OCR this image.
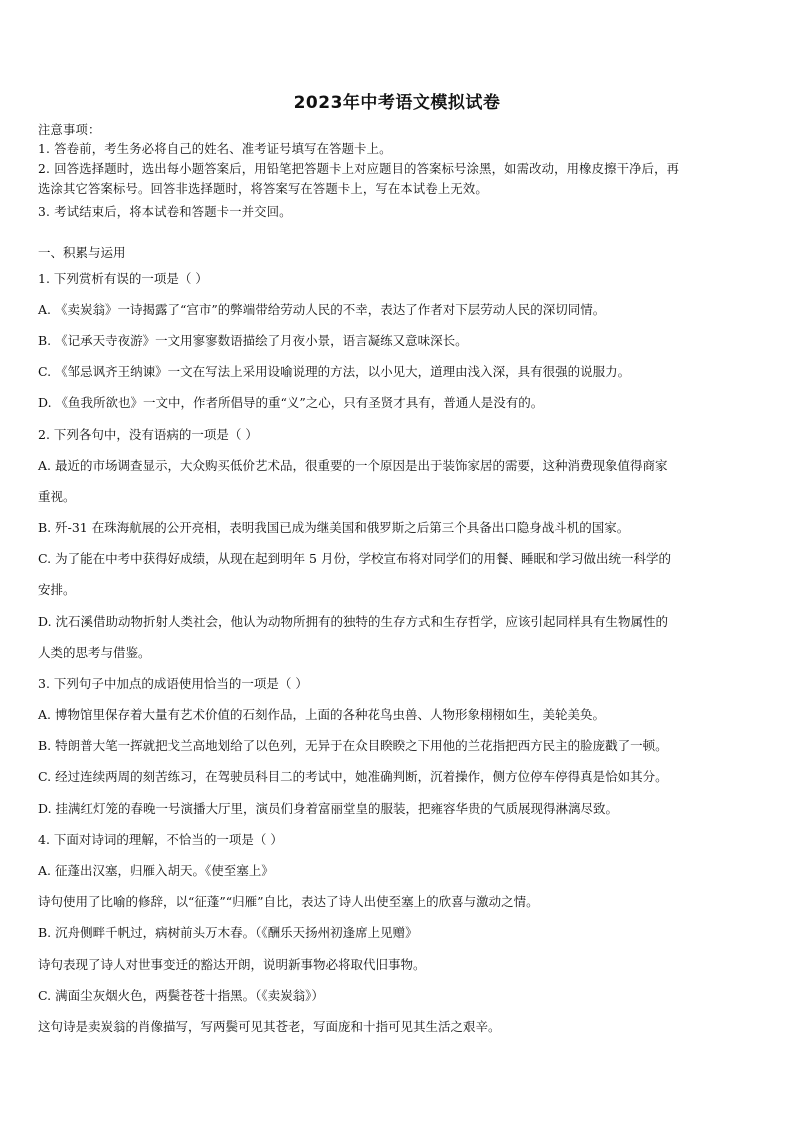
2023年中考语文模拟试卷
注意事项：
1. 答卷前，考生务必将自己的姓名、准考证号填写在答题卡上。
2. 回答选择题时，选出每小题答案后，用铅笔把答题卡上对应题目的答案标号涂黑，如需改动，用橡皮擦干净后，再
选涂其它答案标号。回答非选择题时，将答案写在答题卡上，写在本试卷上无效。
3. 考试结束后，将本试卷和答题卡一并交回。
一、积累与运用
1. 下列赏析有误的一项是（ ）
A. 《卖炭翁》一诗揭露了“宫市”的弊端带给劳动人民的不幸，表达了作者对下层劳动人民的深切同情。
B. 《记承天寺夜游》一文用寥寥数语描绘了月夜小景，语言凝练又意味深长。
C. 《邹忌讽齐王纳谏》一文在写法上采用设喻说理的方法，以小见大，道理由浅入深，具有很强的说服力。
D. 《鱼我所欲也》一文中，作者所倡导的重“义”之心，只有圣贤才具有，普通人是没有的。
2. 下列各句中，没有语病的一项是（ ）
A. 最近的市场调查显示，大众购买低价艺术品，很重要的一个原因是出于装饰家居的需要，这种消费现象值得商家
重视。
B. 歼-31 在珠海航展的公开亮相，表明我国已成为继美国和俄罗斯之后第三个具备出口隐身战斗机的国家。
C. 为了能在中考中获得好成绩，从现在起到明年 5 月份，学校宣布将对同学们的用餐、睡眠和学习做出统一科学的
安排。
D. 沈石溪借助动物折射人类社会，他认为动物所拥有的独特的生存方式和生存哲学，应该引起同样具有生物属性的
人类的思考与借鉴。
3. 下列句子中加点的成语使用恰当的一项是（ ）
A. 博物馆里保存着大量有艺术价值的石刻作品，上面的各种花鸟虫兽、人物形象栩栩如生，美轮美奂。
B. 特朗普大笔一挥就把戈兰高地划给了以色列，无异于在众目睽睽之下用他的兰花指把西方民主的脸庞戳了一顿。
C. 经过连续两周的刻苦练习，在驾驶员科目二的考试中，她准确判断，沉着操作，侧方位停车停得真是恰如其分。
D. 挂满红灯笼的春晚一号演播大厅里，演员们身着富丽堂皇的服装，把雍容华贵的气质展现得淋漓尽致。
4. 下面对诗词的理解，不恰当的一项是（ ）
A. 征蓬出汉塞，归雁入胡天。《使至塞上》
诗句使用了比喻的修辞，以“征蓬”“归雁”自比，表达了诗人出使至塞上的欣喜与激动之情。
B. 沉舟侧畔千帆过，病树前头万木春。（《酬乐天扬州初逢席上见赠》
诗句表现了诗人对世事变迁的豁达开朗，说明新事物必将取代旧事物。
C. 满面尘灰烟火色，两鬓苍苍十指黑。（《卖炭翁》）
这句诗是卖炭翁的肖像描写，写两鬓可见其苍老，写面庞和十指可见其生活之艰辛。
